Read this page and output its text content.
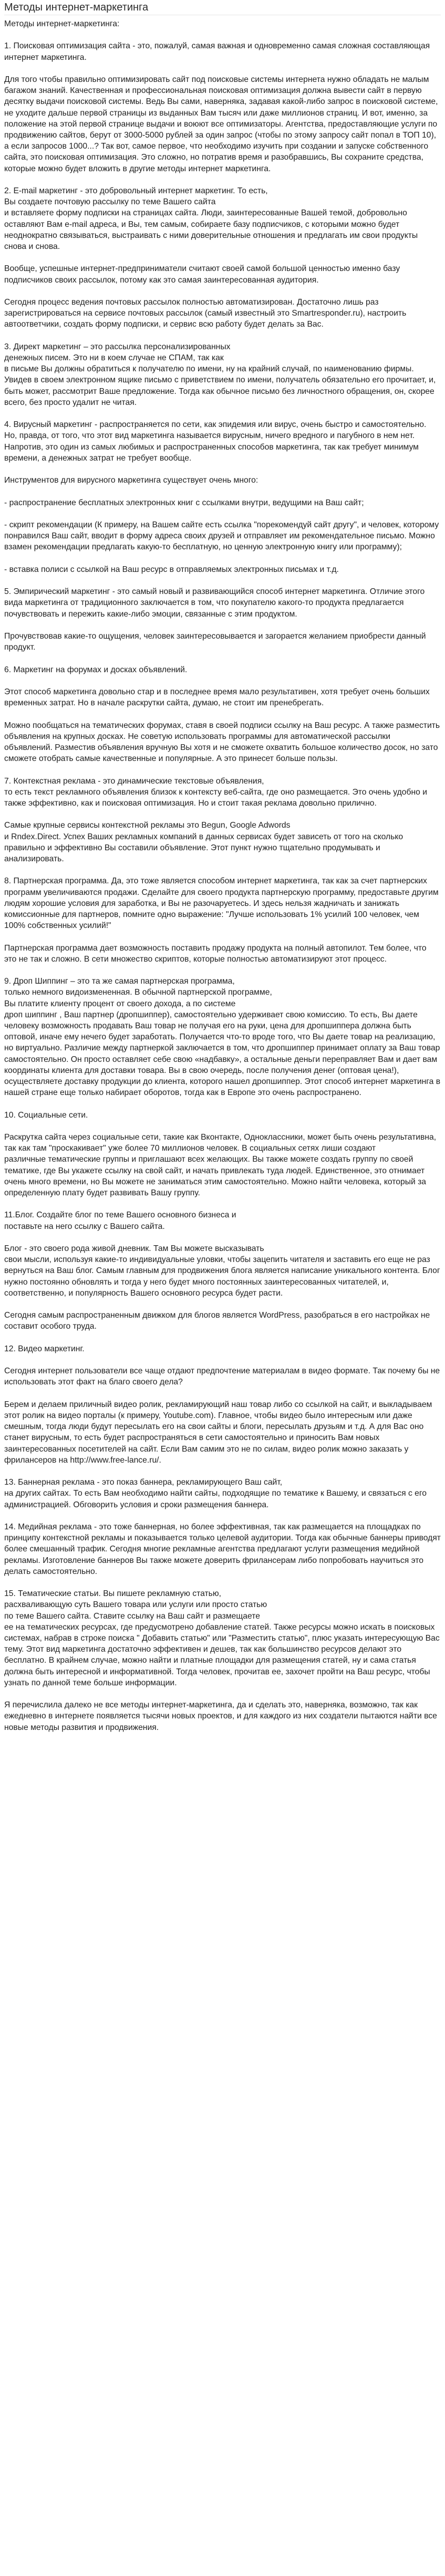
Методы интернет-маркетинга

Методы интернет-маркетинга:

1. Поисковая оптимизация сайта - это, пожалуй, самая важная и одновременно самая сложная составляющая интернет маркетинга.

Для того чтобы правильно оптимизировать сайт под поисковые системы интернета нужно обладать не малым багажом знаний. Качественная и профессиональная поисковая оптимизация должна вывести сайт в первую десятку выдачи поисковой системы. Ведь Вы сами, наверняка, задавая какой-либо запрос в поисковой системе, не уходите дальше первой страницы из выданных Вам тысяч или даже миллионов страниц. И вот, именно, за положение на этой первой странице выдачи и воюют все оптимизаторы. Агентства, предоставляющие услуги по продвижению сайтов, берут от 3000-5000 рублей за один запрос (чтобы по этому запросу сайт попал в ТОП 10), а если запросов 1000...? Так вот, самое первое, что необходимо изучить при создании и запуске собственного сайта, это поисковая оптимизация. Это сложно, но потратив время и разобравшись, Вы сохраните средства, которые можно будет вложить в другие методы интернет маркетинга.

2. E-mail маркетинг - это добровольный интернет маркетинг. То есть,
Вы создаете почтовую рассылку по теме Вашего сайта
и вставляете форму подписки на страницах сайта. Люди, заинтересованные Вашей темой, добровольно оставляют Вам e-mail адреса, и Вы, тем самым, собираете базу подписчиков, с которыми можно будет неоднократно связываться, выстраивать с ними доверительные отношения и предлагать им свои продукты снова и снова.

Вообще, успешные интернет-предприниматели считают своей самой большой ценностью именно базу подписчиков своих рассылок, потому как это самая заинтересованная аудитория.

Сегодня процесс ведения почтовых рассылок полностью автоматизирован. Достаточно лишь раз зарегистрироваться на сервисе почтовых рассылок (самый известный это Smartresponder.ru), настроить автоответчики, создать форму подписки, и сервис всю работу будет делать за Вас.

3. Директ маркетинг – это рассылка персонализированных
денежных писем. Это ни в коем случае не СПАМ, так как
в письме Вы должны обратиться к получателю по имени, ну на крайний случай, по наименованию фирмы. Увидев в своем электронном ящике письмо с приветствием по имени, получатель обязательно его прочитает, и, быть может, рассмотрит Ваше предложение. Тогда как обычное письмо без личностного обращения, он, скорее всего, без просто удалит не читая.

4. Вирусный маркетинг - распространяется по сети, как эпидемия или вирус, очень быстро и самостоятельно. Но, правда, от того, что этот вид маркетинга называется вирусным, ничего вредного и пагубного в нем нет. Напротив, это один из самых любимых и распространенных способов маркетинга, так как требует минимум времени, а денежных затрат не требует вообще.

Инструментов для вирусного маркетинга существует очень много:

- распространение бесплатных электронных книг с ссылками внутри, ведущими на Ваш сайт;

- скрипт рекомендации (К примеру, на Вашем сайте есть ссылка "порекомендуй сайт другу", и человек, которому понравился Ваш сайт, вводит в форму адреса своих друзей и отправляет им рекомендательное письмо. Можно взамен рекомендации предлагать какую-то бесплатную, но ценную электронную книгу или программу);

- вставка полиси с ссылкой на Ваш ресурс в отправляемых электронных письмах и т.д.

5. Эмпирический маркетинг - это самый новый и развивающийся способ интернет маркетинга. Отличие этого вида маркетинга от традиционного заключается в том, что покупателю какого-то продукта предлагается почувствовать и пережить какие-либо эмоции, связанные с этим продуктом.

Прочувствовав какие-то ощущения, человек заинтересовывается и загорается желанием приобрести данный продукт.

6. Маркетинг на форумах и досках объявлений.

Этот способ маркетинга довольно стар и в последнее время мало результативен, хотя требует очень больших временных затрат. Но в начале раскрутки сайта, думаю, не стоит им пренебрегать.

Можно пообщаться на тематических форумах, ставя в своей подписи ссылку на Ваш ресурс. А также разместить объявления на крупных досках. Не советую использовать программы для автоматической рассылки объявлений. Разместив объявления вручную Вы хотя и не сможете охватить большое количество досок, но зато сможете отобрать самые качественные и популярные. А это принесет больше пользы.

7. Контекстная реклама - это динамические текстовые объявления,
то есть текст рекламного объявления близок к контексту веб-сайта, где оно размещается. Это очень удобно и также эффективно, как и поисковая оптимизация. Но и стоит такая реклама довольно прилично.

Самые крупные сервисы контекстной рекламы это Begun, Google Adwords
и Rndex.Direct. Успех Ваших рекламных компаний в данных сервисах будет зависеть от того на сколько правильно и эффективно Вы составили объявление. Этот пункт нужно тщательно продумывать и анализировать.

8. Партнерская программа. Да, это тоже является способом интернет маркетинга, так как за счет партнерских программ увеличиваются продажи. Сделайте для своего продукта партнерскую программу, предоставьте другим людям хорошие условия для заработка, и Вы не разочаруетесь. И здесь нельзя жадничать и занижать комиссионные для партнеров, помните одно выражение: "Лучше использовать 1% усилий 100 человек, чем 100% собственных усилий!"

Партнерская программа дает возможность поставить продажу продукта на полный автопилот. Тем более, что это не так и сложно. В сети множество скриптов, которые полностью автоматизируют этот процесс.

9. Дроп Шиппинг – это та же самая партнерская программа,
только немного видоизмененная. В обычной партнерской программе,
Вы платите клиенту процент от своего дохода, а по системе
дроп шиппинг , Ваш партнер (дропшиппер), самостоятельно удерживает свою комиссию. То есть, Вы даете человеку возможность продавать Ваш товар не получая его на руки, цена для дропшиппера должна быть оптовой, иначе ему нечего будет заработать. Получается что-то вроде того, что Вы даете товар на реализацию, но виртуально. Различие между партнеркой заключается в том, что дропшиппер принимает оплату за Ваш товар самостоятельно. Он просто оставляет себе свою «надбавку», а остальные деньги переправляет Вам и дает вам координаты клиента для доставки товара. Вы в свою очередь, после получения денег (оптовая цена!), осуществляете доставку продукции до клиента, которого нашел дропшиппер. Этот способ интернет маркетинга в нашей стране еще только набирает оборотов, тогда как в Европе это очень распространено.

10. Социальные сети.

Раскрутка сайта через социальные сети, такие как Вконтакте, Одноклассники, может быть очень результативна, так как там "проскакивает" уже более 70 миллионов человек. В социальных сетях лиши создают
различные тематические группы и приглашают всех желающих. Вы также можете создать группу по своей тематике, где Вы укажете ссылку на свой сайт, и начать привлекать туда людей. Единственное, это отнимает очень много времени, но Вы можете не заниматься этим самостоятельно. Можно найти человека, который за определенную плату будет развивать Вашу группу.

11.Блог. Создайте блог по теме Вашего основного бизнеса и
поставьте на него ссылку с Вашего сайта.

Блог - это своего рода живой дневник. Там Вы можете высказывать
свои мысли, используя какие-то индивидуальные уловки, чтобы зацепить читателя и заставить его еще не раз вернуться на Ваш блог. Самым главным для продвижения блога является написание уникального контента. Блог нужно постоянно обновлять и тогда у него будет много постоянных заинтересованных читателей, и, соответственно, и популярность Вашего основного ресурса будет расти.

Сегодня самым распространенным движком для блогов является WordPress, разобраться в его настройках не составит особого труда.

12. Видео маркетинг.

Сегодня интернет пользователи все чаще отдают предпочтение материалам в видео формате. Так почему бы не использовать этот факт на благо своего дела?

Берем и делаем приличный видео ролик, рекламирующий наш товар либо со ссылкой на сайт, и выкладываем этот ролик на видео порталы (к примеру, Youtube.com). Главное, чтобы видео было интересным или даже смешным, тогда люди будут пересылать его на свои сайты и блоги, пересылать друзьям и т.д. А для Вас оно станет вирусным, то есть будет распространяться в сети самостоятельно и приносить Вам новых заинтересованных посетителей на сайт. Если Вам самим это не по силам, видео ролик можно заказать у фрилансеров на http://www.free-lance.ru/.

13. Баннерная реклама - это показ баннера, рекламирующего Ваш сайт,
на других сайтах. То есть Вам необходимо найти сайты, подходящие по тематике к Вашему, и связаться с его администрацией. Обговорить условия и сроки размещения баннера.

14. Медийная реклама - это тоже баннерная, но более эффективная, так как размещается на площадках по принципу контекстной рекламы и показывается только целевой аудитории. Тогда как обычные баннеры приводят более смешанный трафик. Сегодня многие рекламные агентства предлагают услуги размещения медийной рекламы. Изготовление баннеров Вы также можете доверить фрилансерам либо попробовать научиться это делать самостоятельно.

15. Тематические статьи. Вы пишете рекламную статью,
расхваливающую суть Вашего товара или услуги или просто статью
по теме Вашего сайта. Ставите ссылку на Ваш сайт и размещаете
ее на тематических ресурсах, где предусмотрено добавление статей. Также ресурсы можно искать в поисковых системах, набрав в строке поиска " Добавить статью" или "Разместить статью", плюс указать интересующую Вас тему. Этот вид маркетинга достаточно эффективен и дешев, так как большинство ресурсов делают это бесплатно. В крайнем случае, можно найти и платные площадки для размещения статей, ну и сама статья должна быть интересной и информативной. Тогда человек, прочитав ее, захочет пройти на Ваш ресурс, чтобы узнать по данной теме больше информации.

Я перечислила далеко не все методы интернет-маркетинга, да и сделать это, наверняка, возможно, так как ежедневно в интернете появляется тысячи новых проектов, и для каждого из них создатели пытаются найти все новые методы развития и продвижения.
